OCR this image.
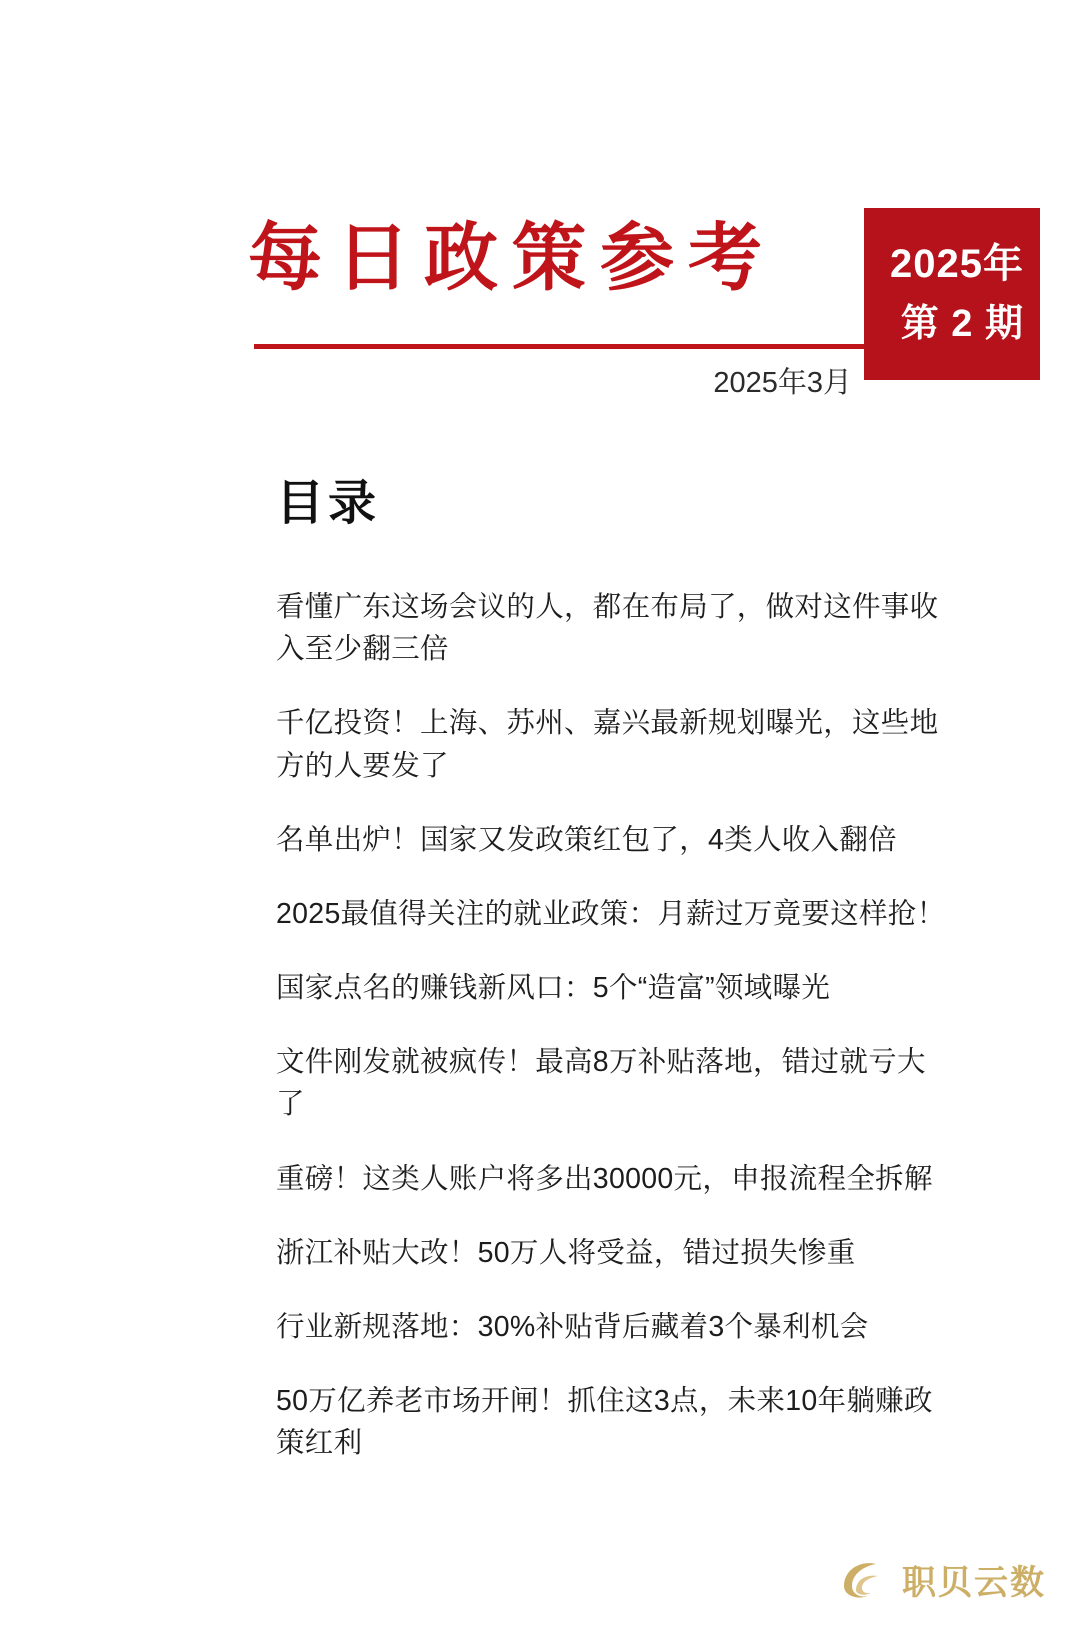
每日政策参考	2025年
第 2 期
2025年3月
目录
看懂广东这场会议的人，都在布局了，做对这件事收入至少翻三倍
千亿投资！上海、苏州、嘉兴最新规划曝光，这些地方的人要发了
名单出炉！国家又发政策红包了，4类人收入翻倍
2025最值得关注的就业政策：月薪过万竟要这样抢！
国家点名的赚钱新风口：5个“造富”领域曝光
文件刚发就被疯传！最高8万补贴落地，错过就亏大了
重磅！这类人账户将多出30000元，申报流程全拆解
浙江补贴大改！50万人将受益，错过损失惨重
行业新规落地：30%补贴背后藏着3个暴利机会
50万亿养老市场开闸！抓住这3点，未来10年躺赚政策红利
职贝云数
